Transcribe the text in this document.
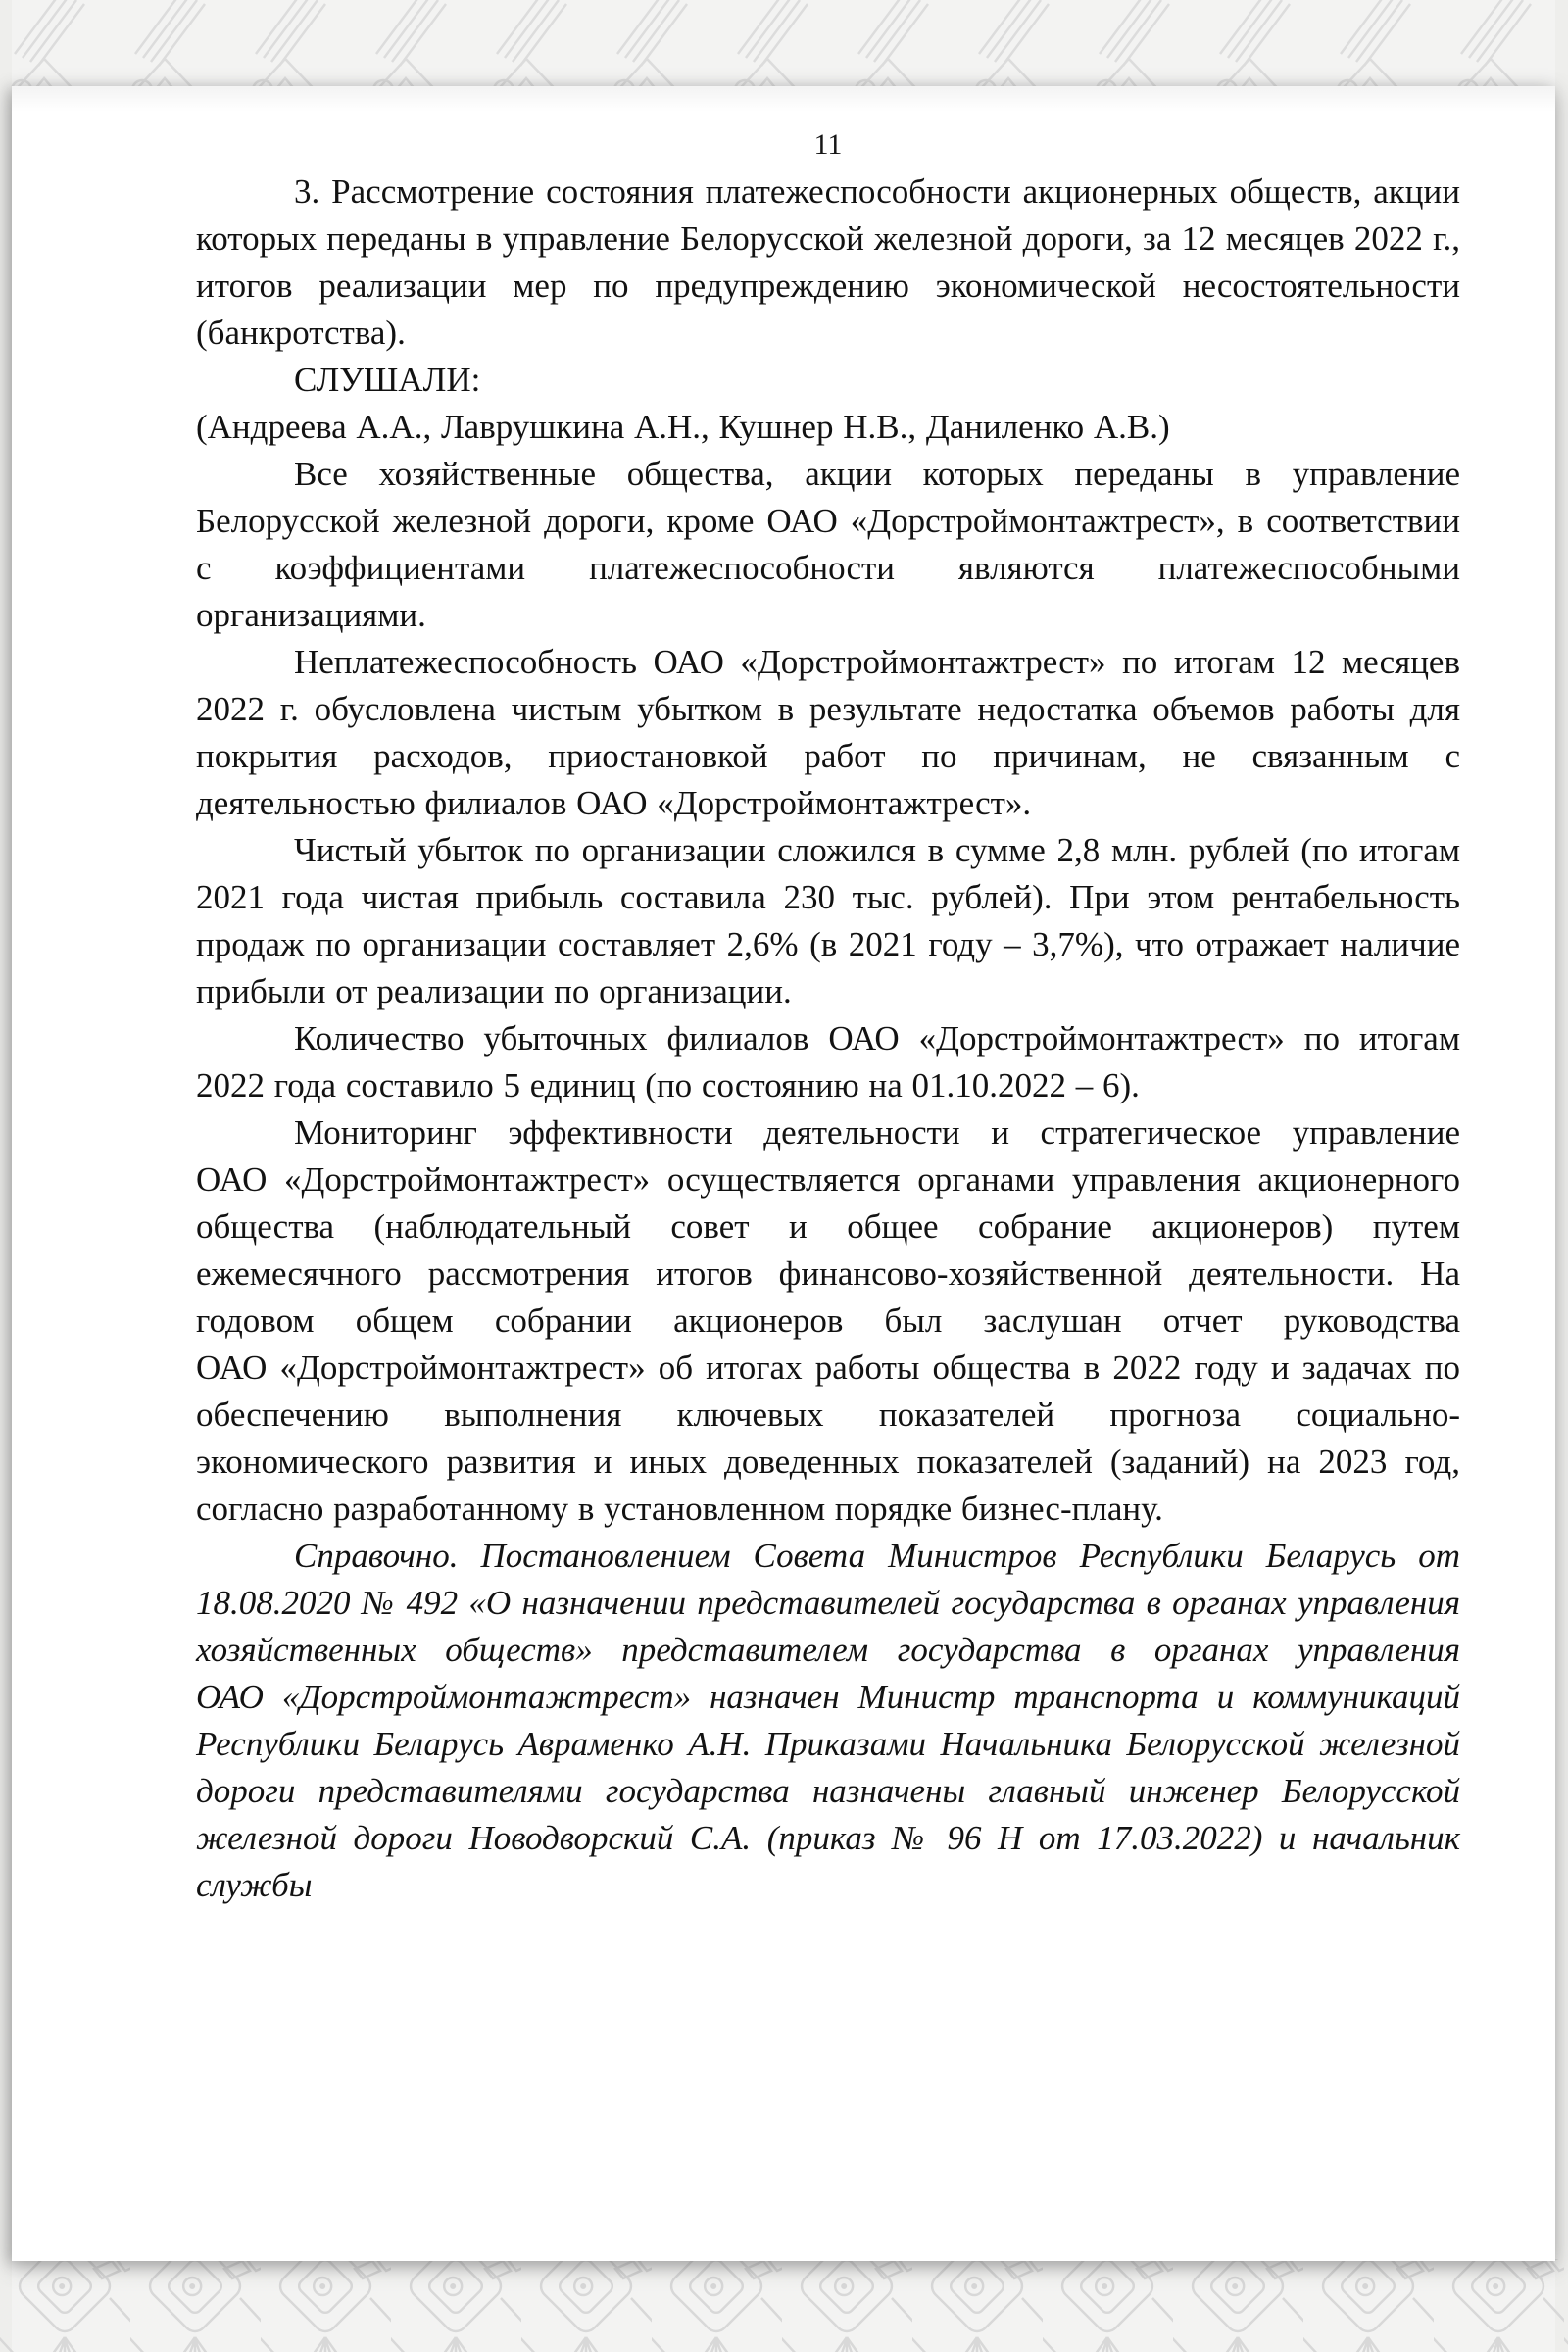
11

3. Рассмотрение состояния платежеспособности акционерных обществ, акции которых переданы в управление Белорусской железной дороги, за 12 месяцев 2022 г., итогов реализации мер по предупреждению экономической несостоятельности (банкротства).

СЛУШАЛИ:

(Андреева А.А., Лаврушкина А.Н., Кушнер Н.В., Даниленко А.В.)

Все хозяйственные общества, акции которых переданы в управление Белорусской железной дороги, кроме ОАО «Дорстроймонтажтрест», в соответствии с коэффициентами платежеспособности являются платежеспособными организациями.

Неплатежеспособность ОАО «Дорстроймонтажтрест» по итогам 12 месяцев 2022 г. обусловлена чистым убытком в результате недостатка объемов работы для покрытия расходов, приостановкой работ по причинам, не связанным с деятельностью филиалов ОАО «Дорстроймонтажтрест».

Чистый убыток по организации сложился в сумме 2,8 млн. рублей (по итогам 2021 года чистая прибыль составила 230 тыс. рублей). При этом рентабельность продаж по организации составляет 2,6% (в 2021 году – 3,7%), что отражает наличие прибыли от реализации по организации.

Количество убыточных филиалов ОАО «Дорстроймонтажтрест» по итогам 2022 года составило 5 единиц (по состоянию на 01.10.2022 – 6).

Мониторинг эффективности деятельности и стратегическое управление ОАО «Дорстроймонтажтрест» осуществляется органами управления акционерного общества (наблюдательный совет и общее собрание акционеров) путем ежемесячного рассмотрения итогов финансово-хозяйственной деятельности. На годовом общем собрании акционеров был заслушан отчет руководства ОАО «Дорстроймонтажтрест» об итогах работы общества в 2022 году и задачах по обеспечению выполнения ключевых показателей прогноза социально-экономического развития и иных доведенных показателей (заданий) на 2023 год, согласно разработанному в установленном порядке бизнес-плану.

Справочно. Постановлением Совета Министров Республики Беларусь от 18.08.2020 № 492 «О назначении представителей государства в органах управления хозяйственных обществ» представителем государства в органах управления ОАО «Дорстроймонтажтрест» назначен Министр транспорта и коммуникаций Республики Беларусь Авраменко А.Н. Приказами Начальника Белорусской железной дороги представителями государства назначены главный инженер Белорусской железной дороги Новодворский С.А. (приказ № 96 Н от 17.03.2022) и начальник службы
